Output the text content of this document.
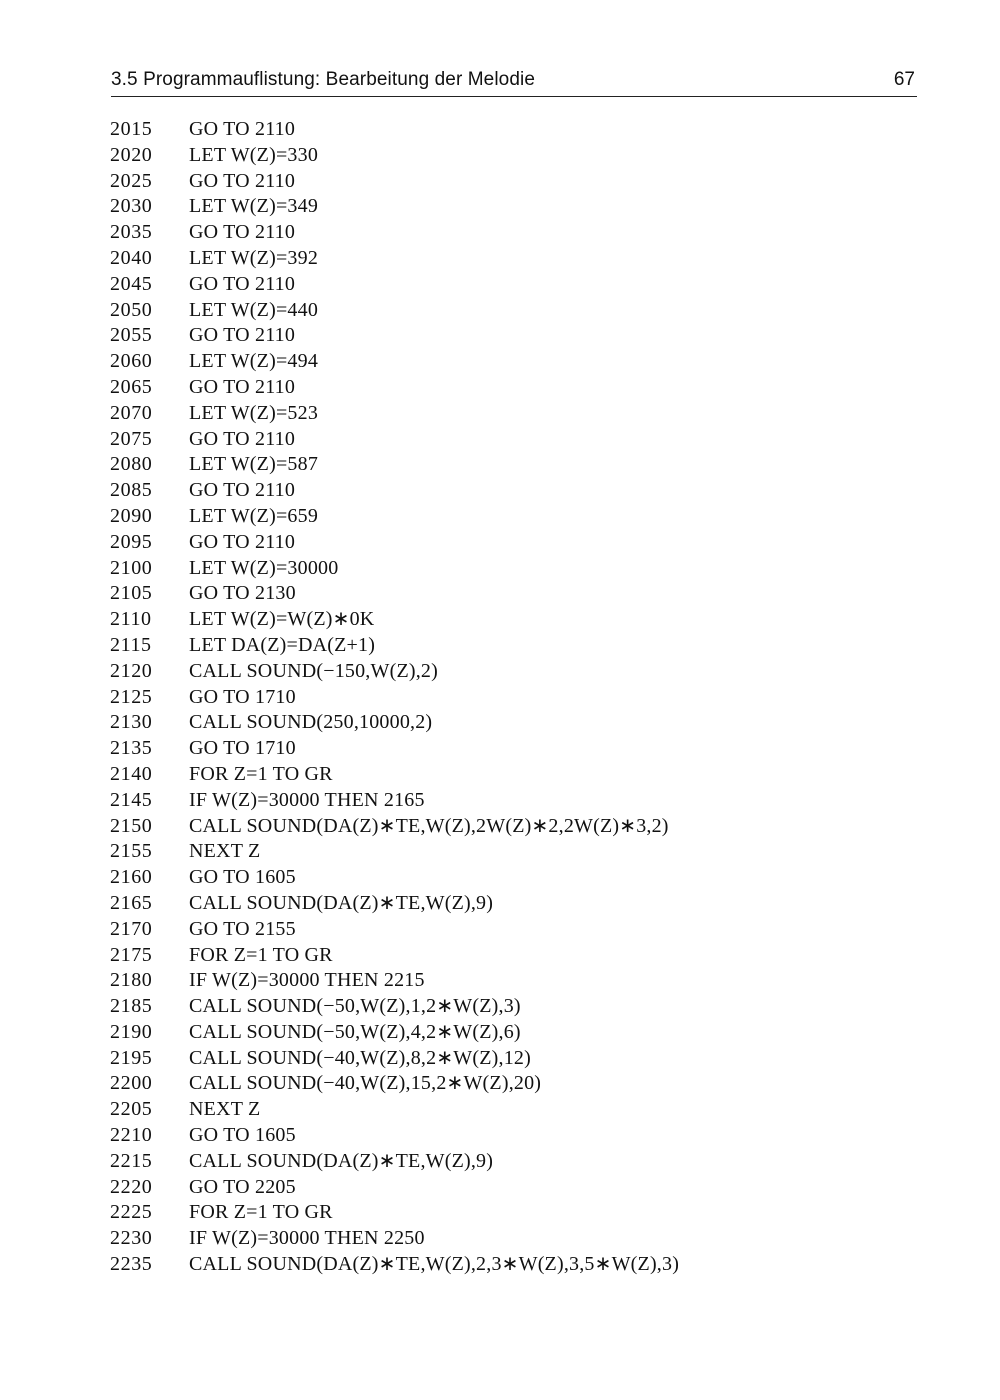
3.5 Programmauflistung: Bearbeitung der Melodie	67
2015 GO TO 2110
2020 LET W(Z)=330
2025 GO TO 2110
2030 LET W(Z)=349
2035 GO TO 2110
2040 LET W(Z)=392
2045 GO TO 2110
2050 LET W(Z)=440
2055 GO TO 2110
2060 LET W(Z)=494
2065 GO TO 2110
2070 LET W(Z)=523
2075 GO TO 2110
2080 LET W(Z)=587
2085 GO TO 2110
2090 LET W(Z)=659
2095 GO TO 2110
2100 LET W(Z)=30000
2105 GO TO 2130
2110 LET W(Z)=W(Z)∗0K
2115 LET DA(Z)=DA(Z+1)
2120 CALL SOUND(−150,W(Z),2)
2125 GO TO 1710
2130 CALL SOUND(250,10000,2)
2135 GO TO 1710
2140 FOR Z=1 TO GR
2145 IF W(Z)=30000 THEN 2165
2150 CALL SOUND(DA(Z)∗TE,W(Z),2W(Z)∗2,2W(Z)∗3,2)
2155 NEXT Z
2160 GO TO 1605
2165 CALL SOUND(DA(Z)∗TE,W(Z),9)
2170 GO TO 2155
2175 FOR Z=1 TO GR
2180 IF W(Z)=30000 THEN 2215
2185 CALL SOUND(−50,W(Z),1,2∗W(Z),3)
2190 CALL SOUND(−50,W(Z),4,2∗W(Z),6)
2195 CALL SOUND(−40,W(Z),8,2∗W(Z),12)
2200 CALL SOUND(−40,W(Z),15,2∗W(Z),20)
2205 NEXT Z
2210 GO TO 1605
2215 CALL SOUND(DA(Z)∗TE,W(Z),9)
2220 GO TO 2205
2225 FOR Z=1 TO GR
2230 IF W(Z)=30000 THEN 2250
2235 CALL SOUND(DA(Z)∗TE,W(Z),2,3∗W(Z),3,5∗W(Z),3)
